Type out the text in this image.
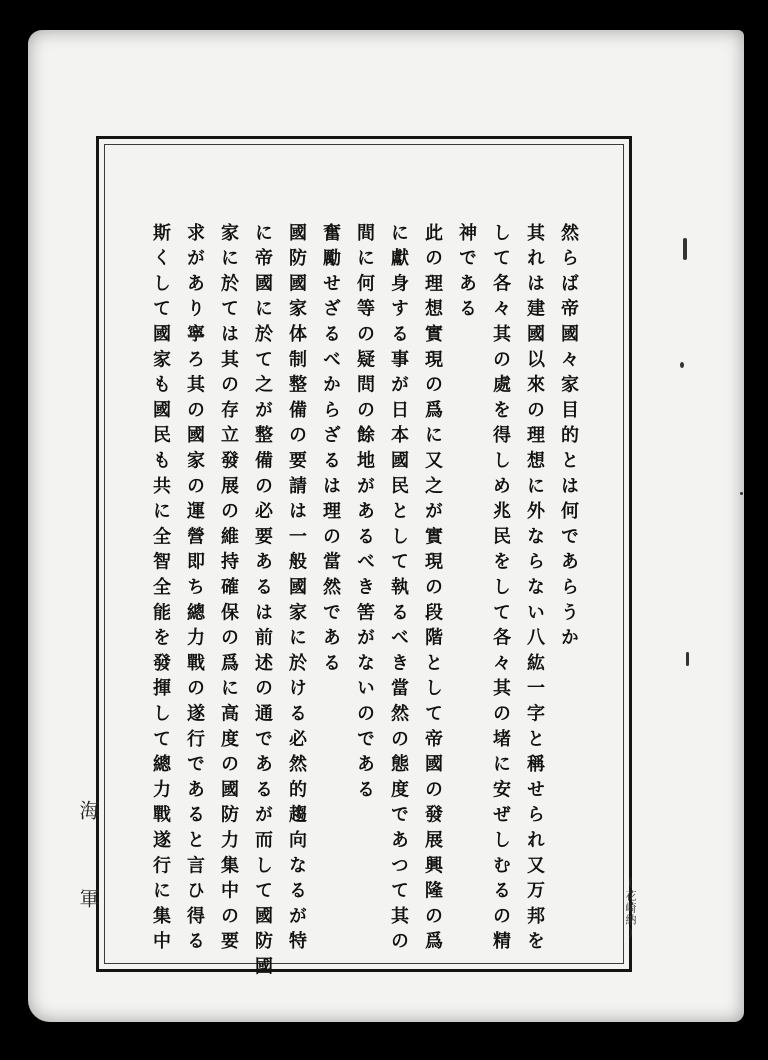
然らば帝國々家目的とは何であらうか
其れは建國以來の理想に外ならない八紘一字と稱せられ又万邦を
して各々其の處を得しめ兆民をして各々其の堵に安ぜしむるの精
神である
此の理想實現の爲に又之が實現の段階として帝國の發展興隆の爲
に獻身する事が日本國民として執るべき當然の態度であつて其の
間に何等の疑問の餘地があるべき筈がないのである
奮勵せざるべからざるは理の當然である
國防國家体制整備の要請は一般國家に於ける必然的趨向なるが特
に帝國に於て之が整備の必要あるは前述の通であるが而して國防國
家に於ては其の存立發展の維持確保の爲に高度の國防力集中の要
求があり寧ろ其の國家の運營即ち總力戰の遂行であると言ひ得る
斯くして國家も國民も共に全智全能を發揮して總力戰遂行に集中
海
軍	(花崎納)
